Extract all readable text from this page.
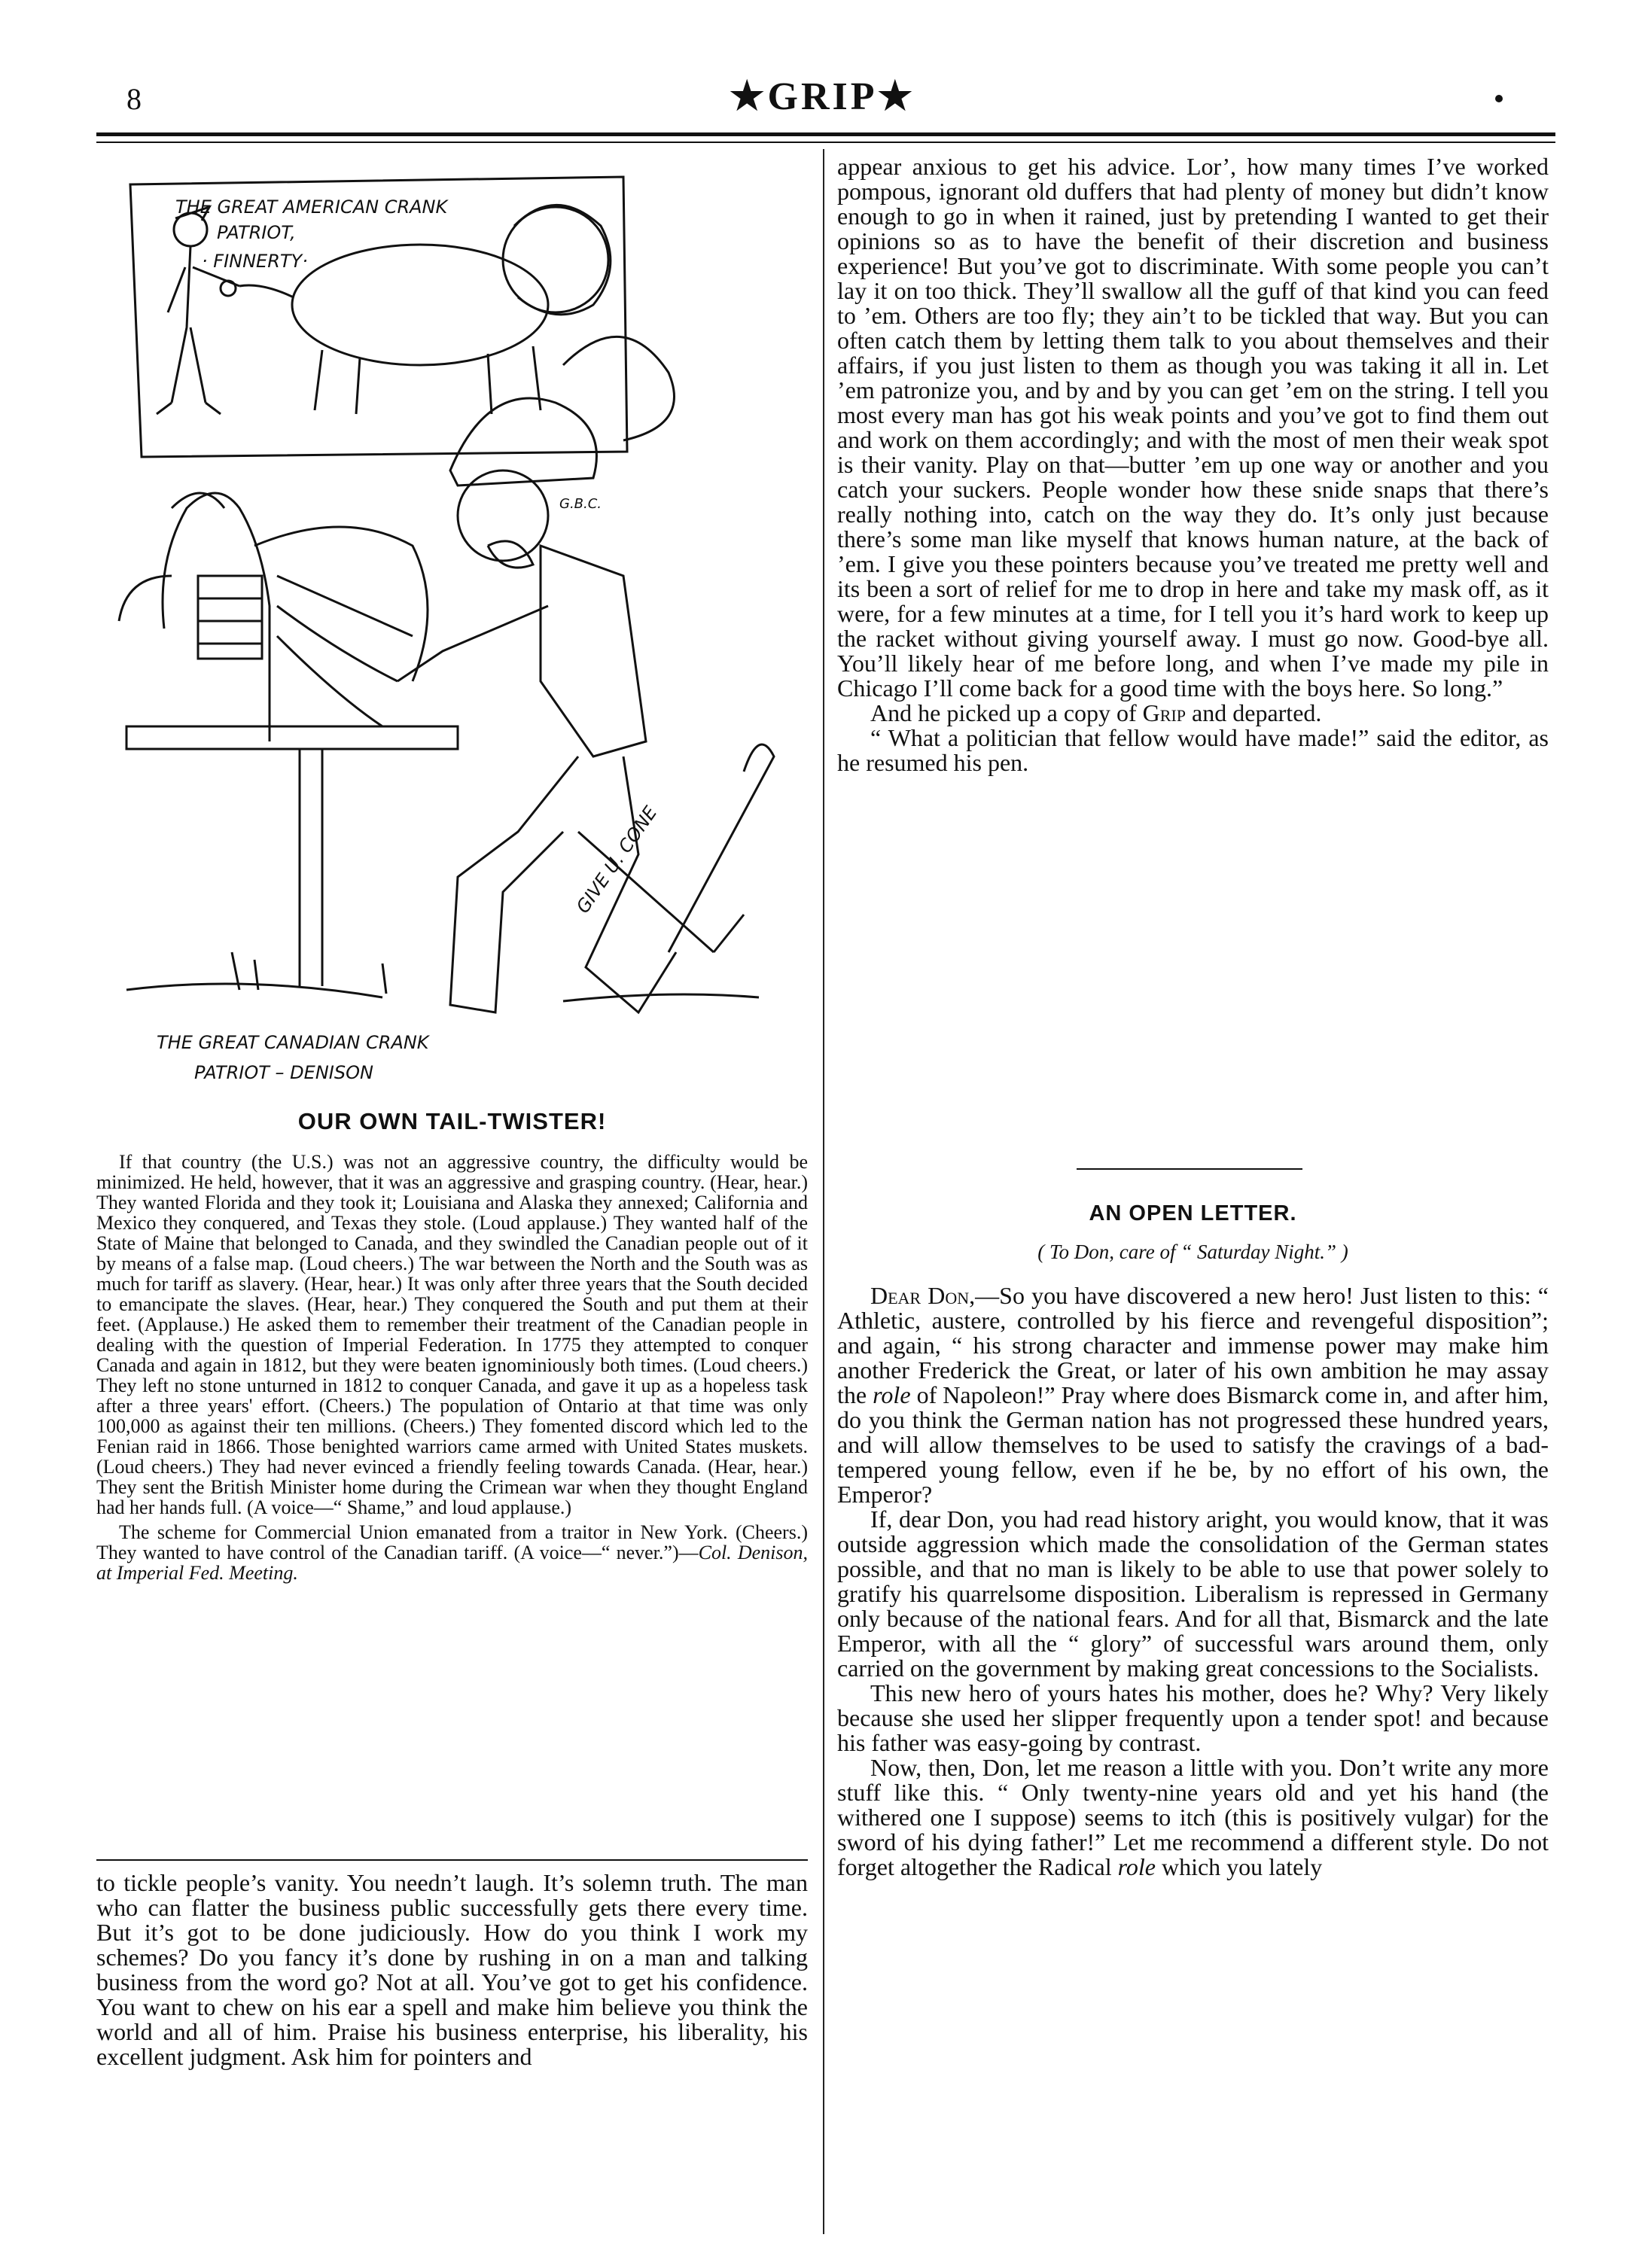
8	★GRIP★
THE GREAT AMERICAN CRANK
PATRIOT,
· FINNERTY·
GIVE U. CONE
G.B.C.
THE GREAT CANADIAN CRANK
PATRIOT – DENISON
OUR OWN TAIL-TWISTER!

If that country (the U.S.) was not an aggressive country, the difficulty would be minimized. He held, however, that it was an aggressive and grasping country. (Hear, hear.) They wanted Florida and they took it; Louisiana and Alaska they annexed; California and Mexico they conquered, and Texas they stole. (Loud applause.) They wanted half of the State of Maine that belonged to Canada, and they swindled the Canadian people out of it by means of a false map. (Loud cheers.) The war between the North and the South was as much for tariff as slavery. (Hear, hear.) It was only after three years that the South decided to emancipate the slaves. (Hear, hear.) They conquered the South and put them at their feet. (Applause.) He asked them to remember their treatment of the Canadian people in dealing with the question of Imperial Federation. In 1775 they attempted to conquer Canada and again in 1812, but they were beaten ignominiously both times. (Loud cheers.) They left no stone unturned in 1812 to conquer Canada, and gave it up as a hopeless task after a three years' effort. (Cheers.) The population of Ontario at that time was only 100,000 as against their ten millions. (Cheers.) They fomented discord which led to the Fenian raid in 1866. Those benighted warriors came armed with United States muskets. (Loud cheers.) They had never evinced a friendly feeling towards Canada. (Hear, hear.) They sent the British Minister home during the Crimean war when they thought England had her hands full. (A voice—“ Shame,” and loud applause.)

The scheme for Commercial Union emanated from a traitor in New York. (Cheers.) They wanted to have control of the Canadian tariff. (A voice—“ never.”)—Col. Denison, at Imperial Fed. Meeting.

to tickle people’s vanity. You needn’t laugh. It’s solemn truth. The man who can flatter the business public successfully gets there every time. But it’s got to be done judiciously. How do you think I work my schemes? Do you fancy it’s done by rushing in on a man and talking business from the word go? Not at all. You’ve got to get his confidence. You want to chew on his ear a spell and make him believe you think the world and all of him. Praise his business enterprise, his liberality, his excellent judgment. Ask him for pointers and

appear anxious to get his advice. Lor’, how many times I’ve worked pompous, ignorant old duffers that had plenty of money but didn’t know enough to go in when it rained, just by pretending I wanted to get their opinions so as to have the benefit of their discretion and business experience! But you’ve got to discriminate. With some people you can’t lay it on too thick. They’ll swallow all the guff of that kind you can feed to ’em. Others are too fly; they ain’t to be tickled that way. But you can often catch them by letting them talk to you about themselves and their affairs, if you just listen to them as though you was taking it all in. Let ’em patronize you, and by and by you can get ’em on the string. I tell you most every man has got his weak points and you’ve got to find them out and work on them accordingly; and with the most of men their weak spot is their vanity. Play on that—butter ’em up one way or another and you catch your suckers. People wonder how these snide snaps that there’s really nothing into, catch on the way they do. It’s only just because there’s some man like myself that knows human nature, at the back of ’em. I give you these pointers because you’ve treated me pretty well and its been a sort of relief for me to drop in here and take my mask off, as it were, for a few minutes at a time, for I tell you it’s hard work to keep up the racket without giving yourself away. I must go now. Good-bye all. You’ll likely hear of me before long, and when I’ve made my pile in Chicago I’ll come back for a good time with the boys here. So long.”

And he picked up a copy of Grip and departed.

“ What a politician that fellow would have made!” said the editor, as he resumed his pen.

AN OPEN LETTER.
( To Don, care of “ Saturday Night.” )

Dear Don,—So you have discovered a new hero! Just listen to this: “ Athletic, austere, controlled by his fierce and revengeful disposition”; and again, “ his strong character and immense power may make him another Frederick the Great, or later of his own ambition he may assay the role of Napoleon!” Pray where does Bismarck come in, and after him, do you think the German nation has not progressed these hundred years, and will allow themselves to be used to satisfy the cravings of a bad-tempered young fellow, even if he be, by no effort of his own, the Emperor?

If, dear Don, you had read history aright, you would know, that it was outside aggression which made the consolidation of the German states possible, and that no man is likely to be able to use that power solely to gratify his quarrelsome disposition. Liberalism is repressed in Germany only because of the national fears. And for all that, Bismarck and the late Emperor, with all the “ glory” of successful wars around them, only carried on the government by making great concessions to the Socialists.

This new hero of yours hates his mother, does he? Why? Very likely because she used her slipper frequently upon a tender spot! and because his father was easy-going by contrast.

Now, then, Don, let me reason a little with you. Don’t write any more stuff like this. “ Only twenty-nine years old and yet his hand (the withered one I suppose) seems to itch (this is positively vulgar) for the sword of his dying father!” Let me recommend a different style. Do not forget altogether the Radical role which you lately
